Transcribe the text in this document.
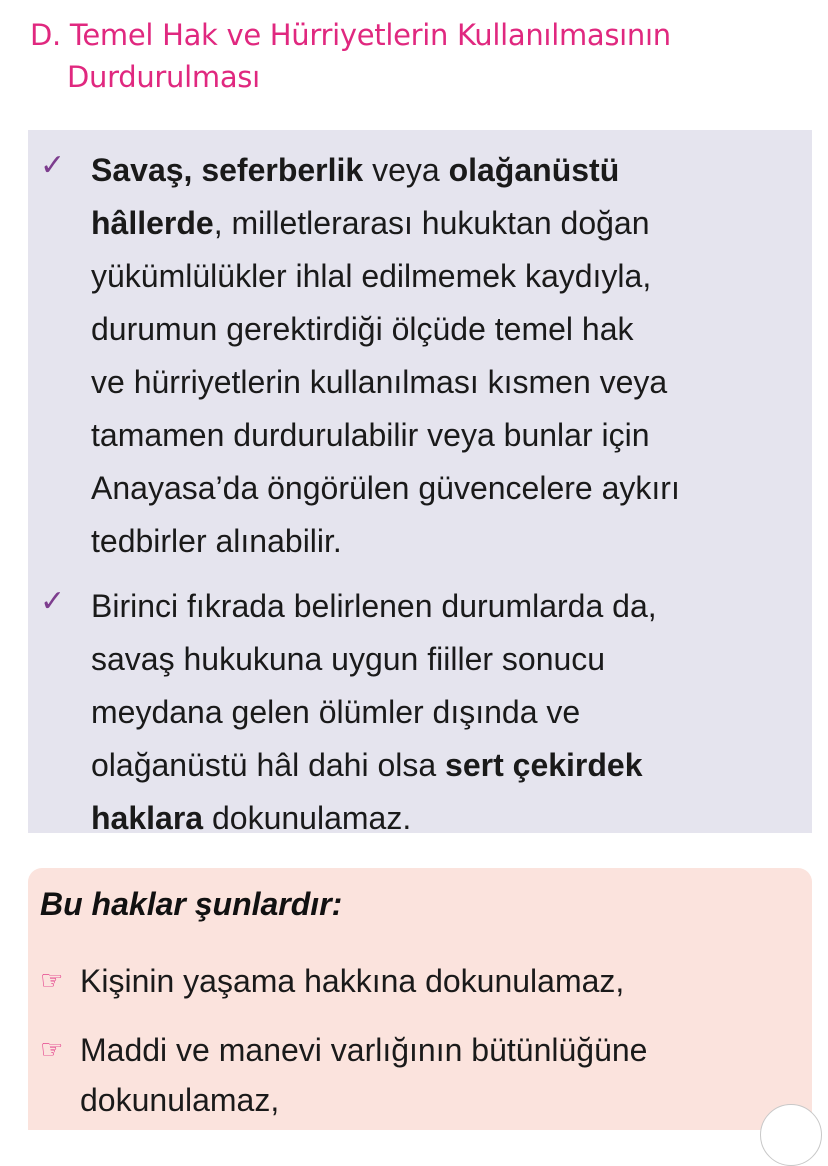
D. Temel Hak ve Hürriyetlerin Kullanılmasının
Durdurulması
✓ Savaş, seferberlik veya olağanüstü
hâllerde, milletlerarası hukuktan doğan
yükümlülükler ihlal edilmemek kaydıyla,
durumun gerektirdiği ölçüde temel hak
ve hürriyetlerin kullanılması kısmen veya
tamamen durdurulabilir veya bunlar için
Anayasa’da öngörülen güvencelere aykırı
tedbirler alınabilir.
✓ Birinci fıkrada belirlenen durumlarda da,
savaş hukukuna uygun fiiller sonucu
meydana gelen ölümler dışında ve
olağanüstü hâl dahi olsa sert çekirdek
haklara dokunulamaz.
Bu haklar şunlardır:
☞ Kişinin yaşama hakkına dokunulamaz,
☞ Maddi ve manevi varlığının bütünlüğüne
dokunulamaz,
